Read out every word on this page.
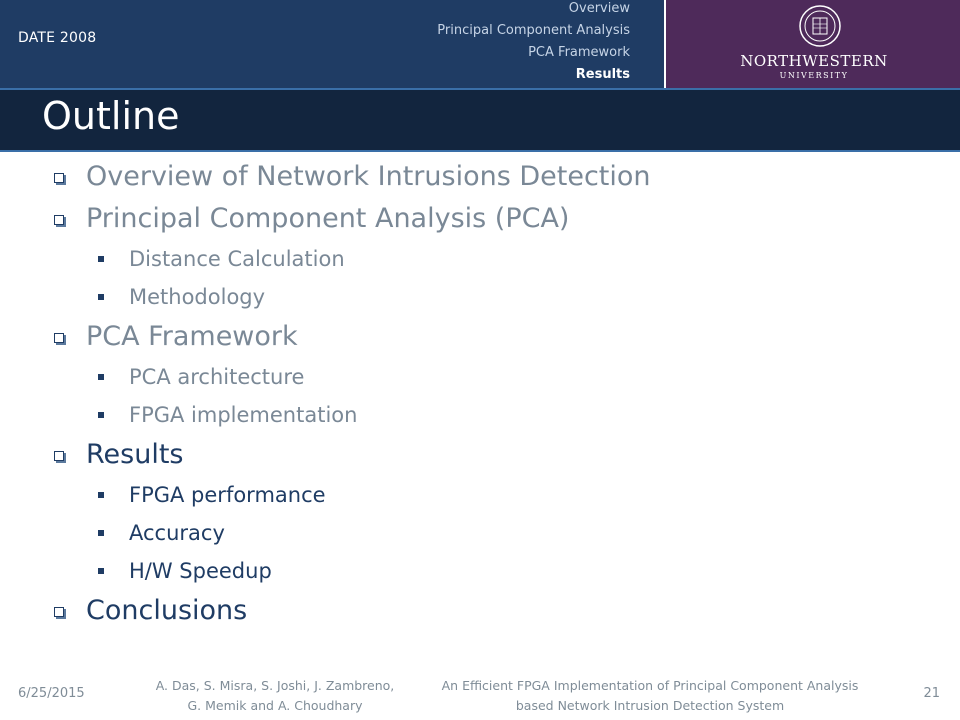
DATE 2008
Overview
Principal Component Analysis
PCA Framework
Results
NORTHWESTERN
UNIVERSITY
Outline
Overview of Network Intrusions Detection
Principal Component Analysis (PCA)
Distance Calculation
Methodology
PCA Framework
PCA architecture
FPGA implementation
Results
FPGA performance
Accuracy
H/W Speedup
Conclusions
6/25/2015
A. Das, S. Misra, S. Joshi, J. Zambreno,
G. Memik and A. Choudhary
An Efficient FPGA Implementation of Principal Component Analysis
based Network Intrusion Detection System
21
